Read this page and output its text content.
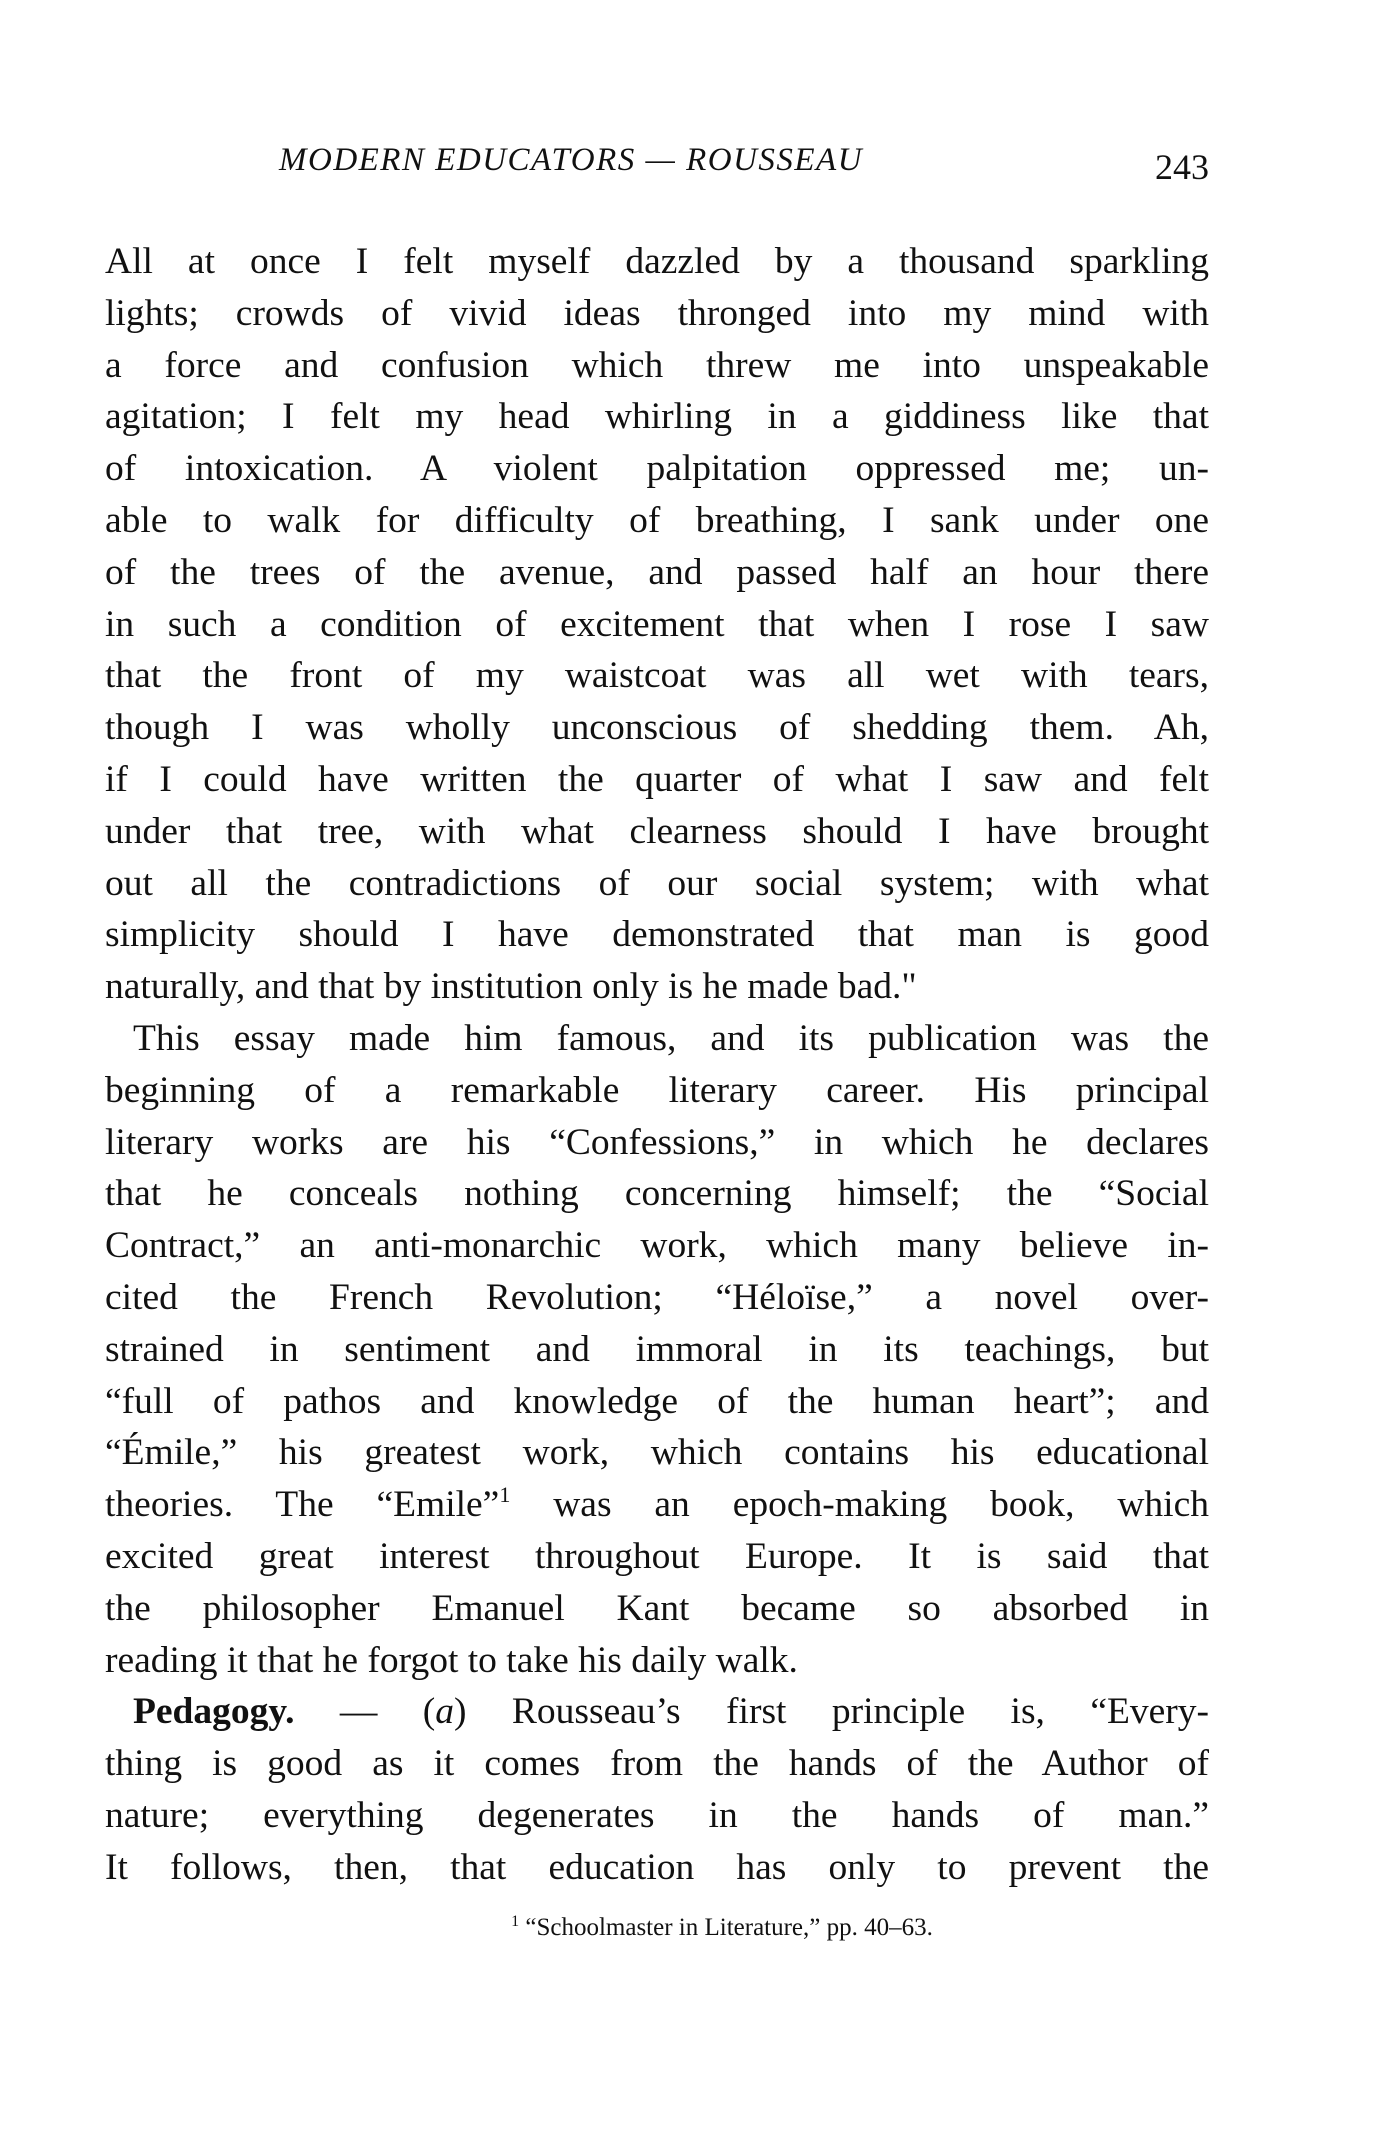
MODERN EDUCATORS — ROUSSEAU	243
All at once I felt myself dazzled by a thousand sparkling
lights; crowds of vivid ideas thronged into my mind with
a force and confusion which threw me into unspeakable
agitation; I felt my head whirling in a giddiness like that
of intoxication. A violent palpitation oppressed me; un-
able to walk for difficulty of breathing, I sank under one
of the trees of the avenue, and passed half an hour there
in such a condition of excitement that when I rose I saw
that the front of my waistcoat was all wet with tears,
though I was wholly unconscious of shedding them. Ah,
if I could have written the quarter of what I saw and felt
under that tree, with what clearness should I have brought
out all the contradictions of our social system; with what
simplicity should I have demonstrated that man is good
naturally, and that by institution only is he made bad."
This essay made him famous, and its publication was the
beginning of a remarkable literary career. His principal
literary works are his “Confessions,” in which he declares
that he conceals nothing concerning himself; the “Social
Contract,” an anti-monarchic work, which many believe in-
cited the French Revolution; “Héloïse,” a novel over-
strained in sentiment and immoral in its teachings, but
“full of pathos and knowledge of the human heart”; and
“Émile,” his greatest work, which contains his educational
theories. The “Emile”$^1$ was an epoch-making book, which
excited great interest throughout Europe. It is said that
the philosopher Emanuel Kant became so absorbed in
reading it that he forgot to take his daily walk.
Pedagogy. — (a) Rousseau’s first principle is, “Every-
thing is good as it comes from the hands of the Author of
nature; everything degenerates in the hands of man.”
It follows, then, that education has only to prevent the
$^1$ “Schoolmaster in Literature,” pp. 40–63.
